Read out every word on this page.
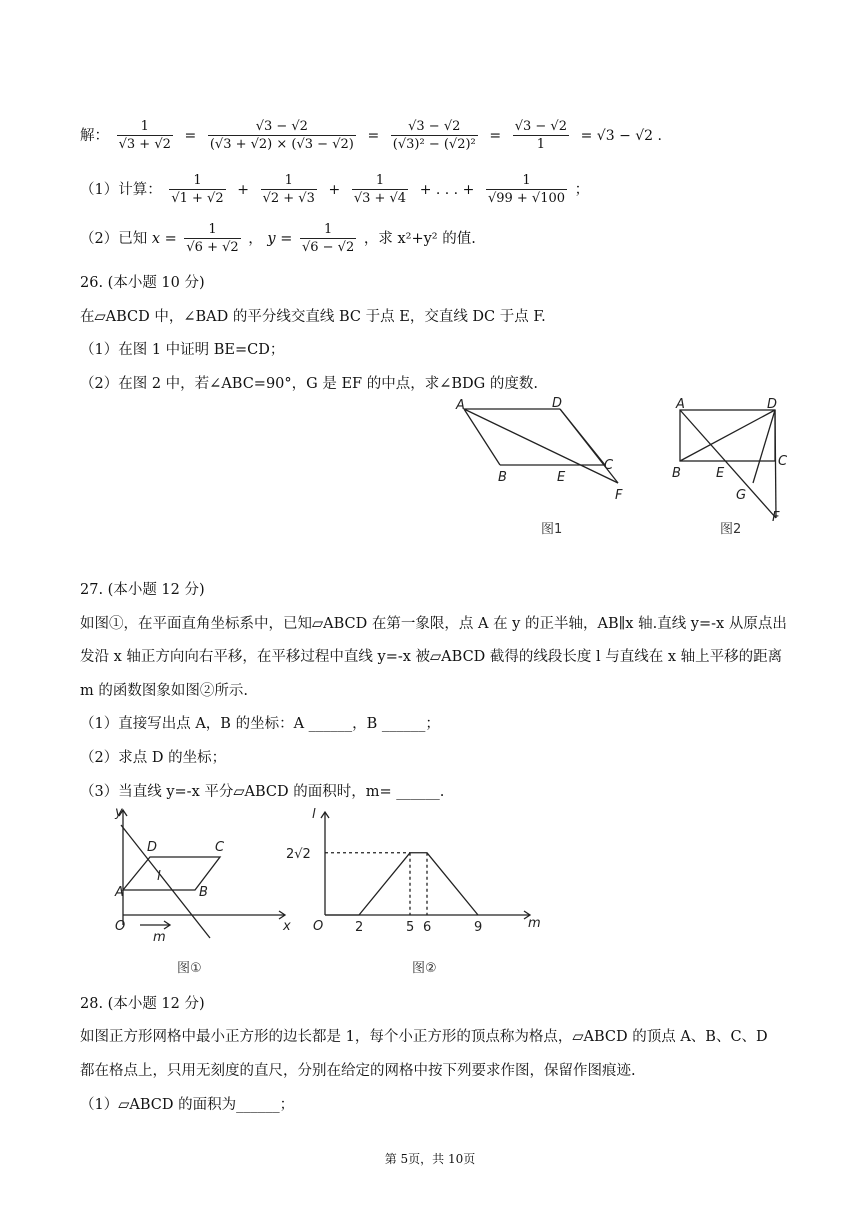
解： $\frac{1}{√3 + √2} = \frac{√3 - √2}{(√3 + √2) \times (√3 - √2)} = \frac{√3 - √2}{\text{(√3)² − (√2)²}} = \frac{√3 - √2}{1} = √3 - √2$ .
（1）计算： $\frac{1}{√1 + √2} + \frac{1}{√2 + √3} + \frac{1}{√3 + √4}$ + . . . + $\frac{1}{√99 + √100}$ ；
（2）已知 $x = \frac{1}{√6 + √2}$ ， $y = \frac{1}{√6 - √2}$ ，求 x²+y² 的值.
26. (本小题 10 分)
在▱ABCD 中，∠BAD 的平分线交直线 BC 于点 E，交直线 DC 于点 F.
（1）在图 1 中证明 BE=CD；
（2）在图 2 中，若∠ABC=90°，G 是 EF 的中点，求∠BDG 的度数.
A	D
B	E
C
F
图1
A	D
B	E
C
G
F
图2
27. (本小题 12 分)
如图①，在平面直角坐标系中，已知▱ABCD 在第一象限，点 A 在 y 的正半轴，AB∥x 轴.直线 y=-x 从原点出
发沿 x 轴正方向向右平移，在平移过程中直线 y=-x 被▱ABCD 截得的线段长度 l 与直线在 x 轴上平移的距离
m 的函数图象如图②所示.
（1）直接写出点 A，B 的坐标：A ______，B ______；
（2）求点 D 的坐标；
（3）当直线 y=-x 平分▱ABCD 的面积时，m= ______.
y
x
O
A	B
C
D
l
m
图①
l
m
O
2√2
2	5 6	9
图②
28. (本小题 12 分)
如图正方形网格中最小正方形的边长都是 1，每个小正方形的顶点称为格点，▱ABCD 的顶点 A、B、C、D
都在格点上，只用无刻度的直尺，分别在给定的网格中按下列要求作图，保留作图痕迹.
（1）▱ABCD 的面积为______；
第 5页，共 10页
